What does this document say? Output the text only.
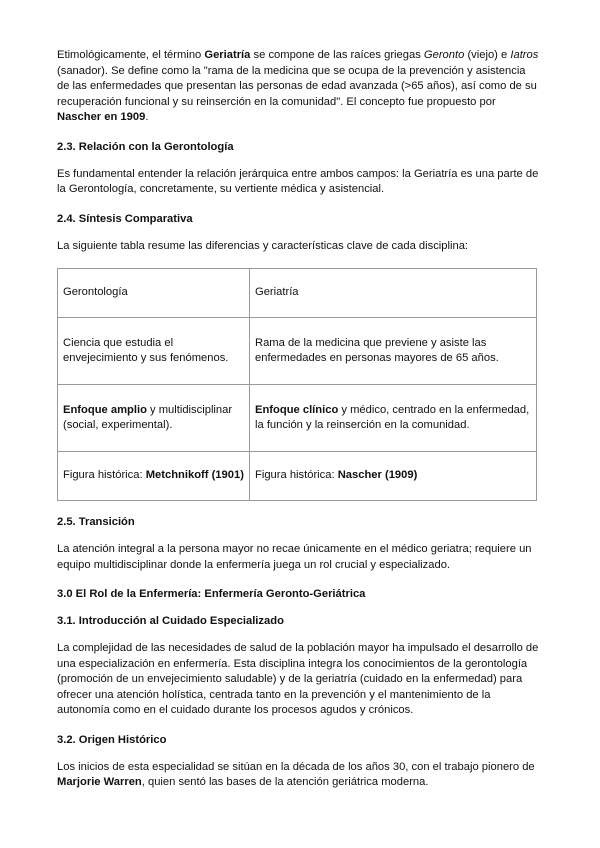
Etimológicamente, el término Geriatría se compone de las raíces griegas Geronto (viejo) e Iatros (sanador). Se define como la "rama de la medicina que se ocupa de la prevención y asistencia de las enfermedades que presentan las personas de edad avanzada (>65 años), así como de su recuperación funcional y su reinserción en la comunidad". El concepto fue propuesto por Nascher en 1909.

2.3. Relación con la Gerontología

Es fundamental entender la relación jerárquica entre ambos campos: la Geriatría es una parte de la Gerontología, concretamente, su vertiente médica y asistencial.

2.4. Síntesis Comparativa

La siguiente tabla resume las diferencias y características clave de cada disciplina:

Gerontología	Geriatría
Ciencia que estudia el envejecimiento y sus fenómenos.	Rama de la medicina que previene y asiste las enfermedades en personas mayores de 65 años.
Enfoque amplio y multidisciplinar (social, experimental).	Enfoque clínico y médico, centrado en la enfermedad, la función y la reinserción en la comunidad.
Figura histórica: Metchnikoff (1901)	Figura histórica: Nascher (1909)
2.5. Transición

La atención integral a la persona mayor no recae únicamente en el médico geriatra; requiere un equipo multidisciplinar donde la enfermería juega un rol crucial y especializado.

3.0 El Rol de la Enfermería: Enfermería Geronto-Geriátrica
3.1. Introducción al Cuidado Especializado

La complejidad de las necesidades de salud de la población mayor ha impulsado el desarrollo de una especialización en enfermería. Esta disciplina integra los conocimientos de la gerontología (promoción de un envejecimiento saludable) y de la geriatría (cuidado en la enfermedad) para ofrecer una atención holística, centrada tanto en la prevención y el mantenimiento de la autonomía como en el cuidado durante los procesos agudos y crónicos.

3.2. Origen Histórico

Los inicios de esta especialidad se sitúan en la década de los años 30, con el trabajo pionero de Marjorie Warren, quien sentó las bases de la atención geriátrica moderna.
